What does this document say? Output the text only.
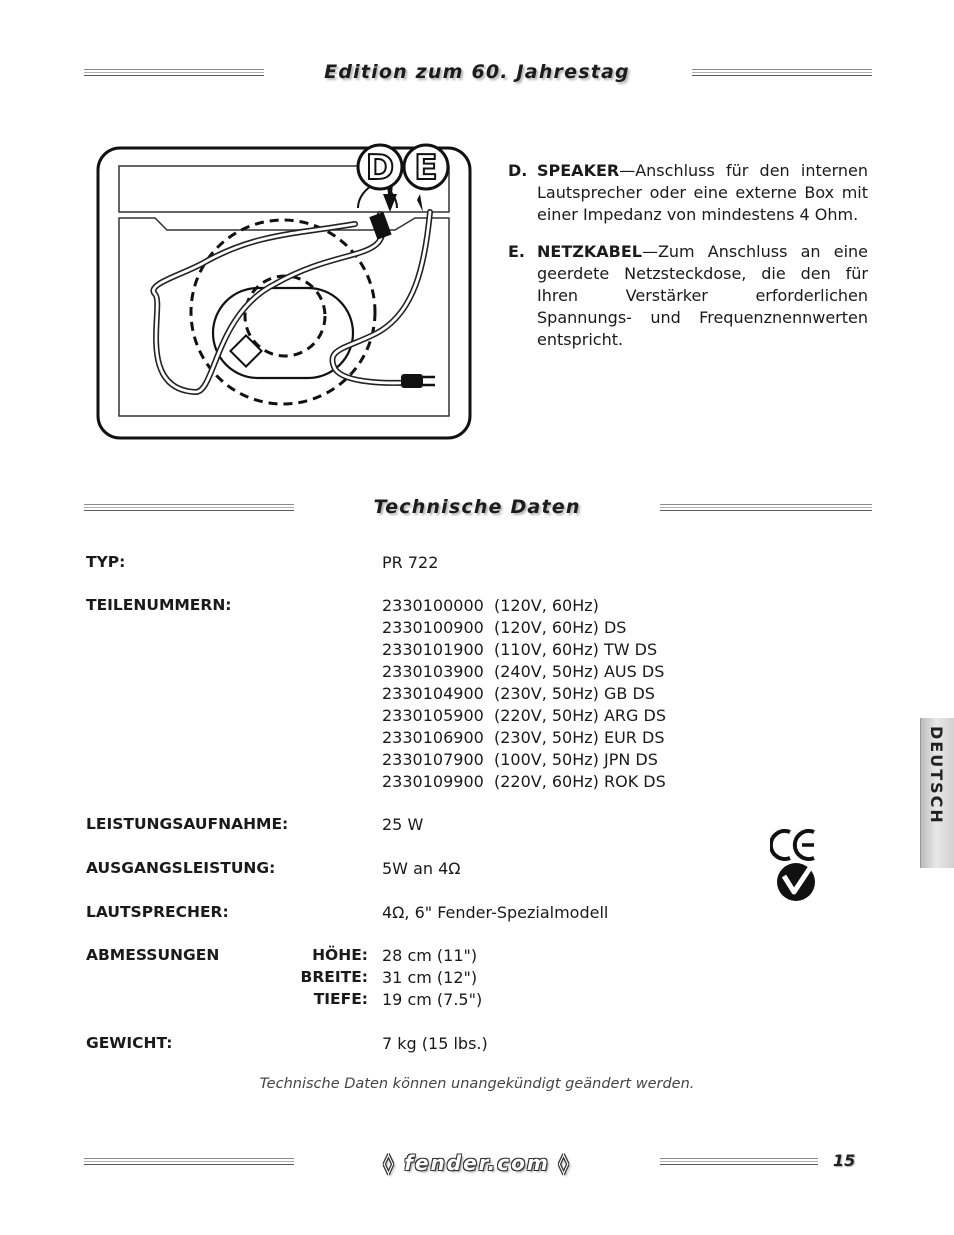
Edition zum 60. Jahrestag
D E	D. SPEAKER—Anschluss für den internen Lautsprecher oder eine externe Box mit einer Impedanz von mindestens 4 Ohm.
E. NETZKABEL—Zum Anschluss an eine geerdete Netzsteckdose, die den für Ihren Verstärker erforderlichen Spannungs- und Frequenznennwerten entspricht.
Technische Daten
TYP:	PR 722
TEILENUMMERN:	2330100000  (120V, 60Hz)
2330100900  (120V, 60Hz) DS
2330101900  (110V, 60Hz) TW DS
2330103900  (240V, 50Hz) AUS DS
2330104900  (230V, 50Hz) GB DS
2330105900  (220V, 50Hz) ARG DS
2330106900  (230V, 50Hz) EUR DS
2330107900  (100V, 50Hz) JPN DS
2330109900  (220V, 60Hz) ROK DS
LEISTUNGSAUFNAHME:	25 W
AUSGANGSLEISTUNG:	5W an 4Ω
LAUTSPRECHER:	4Ω, 6" Fender-Spezialmodell
ABMESSUNGEN	HÖHE: 28 cm (11")
BREITE: 31 cm (12")
TIEFE: 19 cm (7.5")
GEWICHT:	7 kg (15 lbs.)
DEUTSCH
Technische Daten können unangekündigt geändert werden.
◊ fender.com ◊	15
